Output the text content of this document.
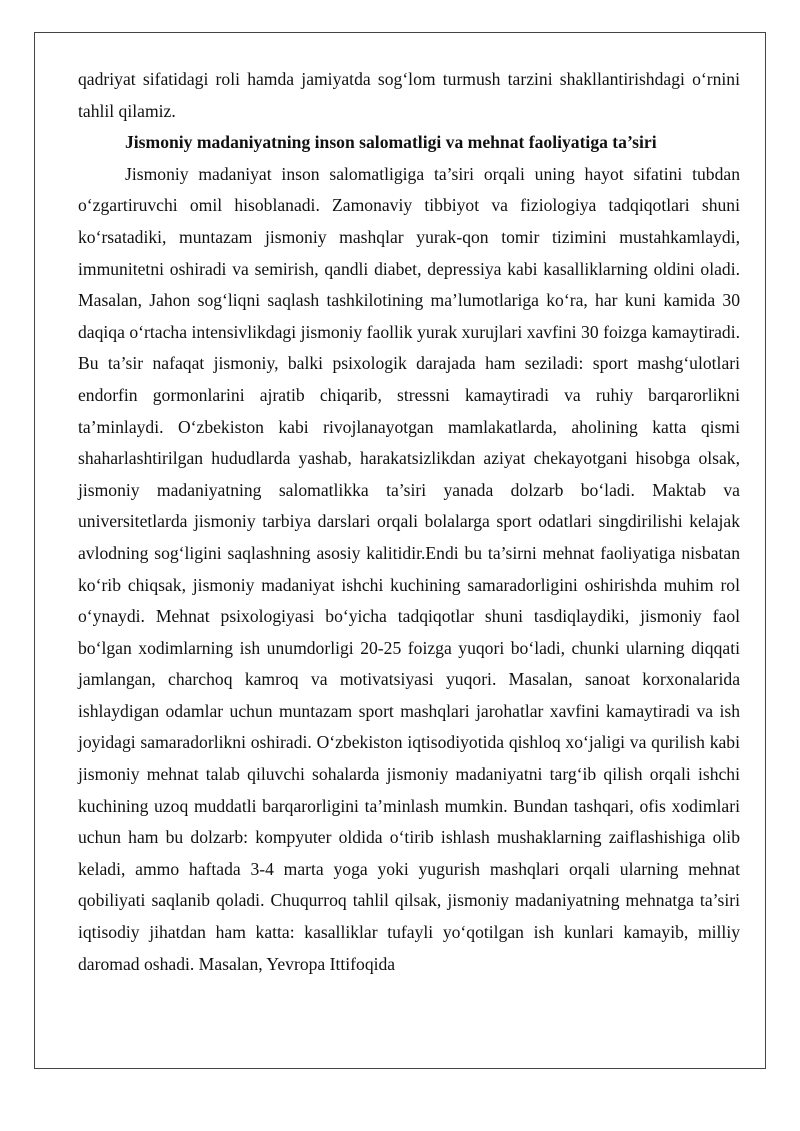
qadriyat sifatidagi roli hamda jamiyatda sog‘lom turmush tarzini shakllantirishdagi o‘rnini tahlil qilamiz.

Jismoniy madaniyatning inson salomatligi va mehnat faoliyatiga ta’siri

Jismoniy madaniyat inson salomatligiga ta’siri orqali uning hayot sifatini tubdan o‘zgartiruvchi omil hisoblanadi. Zamonaviy tibbiyot va fiziologiya tadqiqotlari shuni ko‘rsatadiki, muntazam jismoniy mashqlar yurak-qon tomir tizimini mustahkamlaydi, immunitetni oshiradi va semirish, qandli diabet, depressiya kabi kasalliklarning oldini oladi. Masalan, Jahon sog‘liqni saqlash tashkilotining ma’lumotlariga ko‘ra, har kuni kamida 30 daqiqa o‘rtacha intensivlikdagi jismoniy faollik yurak xurujlari xavfini 30 foizga kamaytiradi. Bu ta’sir nafaqat jismoniy, balki psixologik darajada ham seziladi: sport mashg‘ulotlari endorfin gormonlarini ajratib chiqarib, stressni kamaytiradi va ruhiy barqarorlikni ta’minlaydi. O‘zbekiston kabi rivojlanayotgan mamlakatlarda, aholining katta qismi shaharlashtirilgan hududlarda yashab, harakatsizlikdan aziyat chekayotgani hisobga olsak, jismoniy madaniyatning salomatlikka ta’siri yanada dolzarb bo‘ladi. Maktab va universitetlarda jismoniy tarbiya darslari orqali bolalarga sport odatlari singdirilishi kelajak avlodning sog‘ligini saqlashning asosiy kalitidir.Endi bu ta’sirni mehnat faoliyatiga nisbatan ko‘rib chiqsak, jismoniy madaniyat ishchi kuchining samaradorligini oshirishda muhim rol o‘ynaydi. Mehnat psixologiyasi bo‘yicha tadqiqotlar shuni tasdiqlaydiki, jismoniy faol bo‘lgan xodimlarning ish unumdorligi 20-25 foizga yuqori bo‘ladi, chunki ularning diqqati jamlangan, charchoq kamroq va motivatsiyasi yuqori. Masalan, sanoat korxonalarida ishlaydigan odamlar uchun muntazam sport mashqlari jarohatlar xavfini kamaytiradi va ish joyidagi samaradorlikni oshiradi. O‘zbekiston iqtisodiyotida qishloq xo‘jaligi va qurilish kabi jismoniy mehnat talab qiluvchi sohalarda jismoniy madaniyatni targ‘ib qilish orqali ishchi kuchining uzoq muddatli barqarorligini ta’minlash mumkin. Bundan tashqari, ofis xodimlari uchun ham bu dolzarb: kompyuter oldida o‘tirib ishlash mushaklarning zaiflashishiga olib keladi, ammo haftada 3-4 marta yoga yoki yugurish mashqlari orqali ularning mehnat qobiliyati saqlanib qoladi. Chuqurroq tahlil qilsak, jismoniy madaniyatning mehnatga ta’siri iqtisodiy jihatdan ham katta: kasalliklar tufayli yo‘qotilgan ish kunlari kamayib, milliy daromad oshadi. Masalan, Yevropa Ittifoqida
